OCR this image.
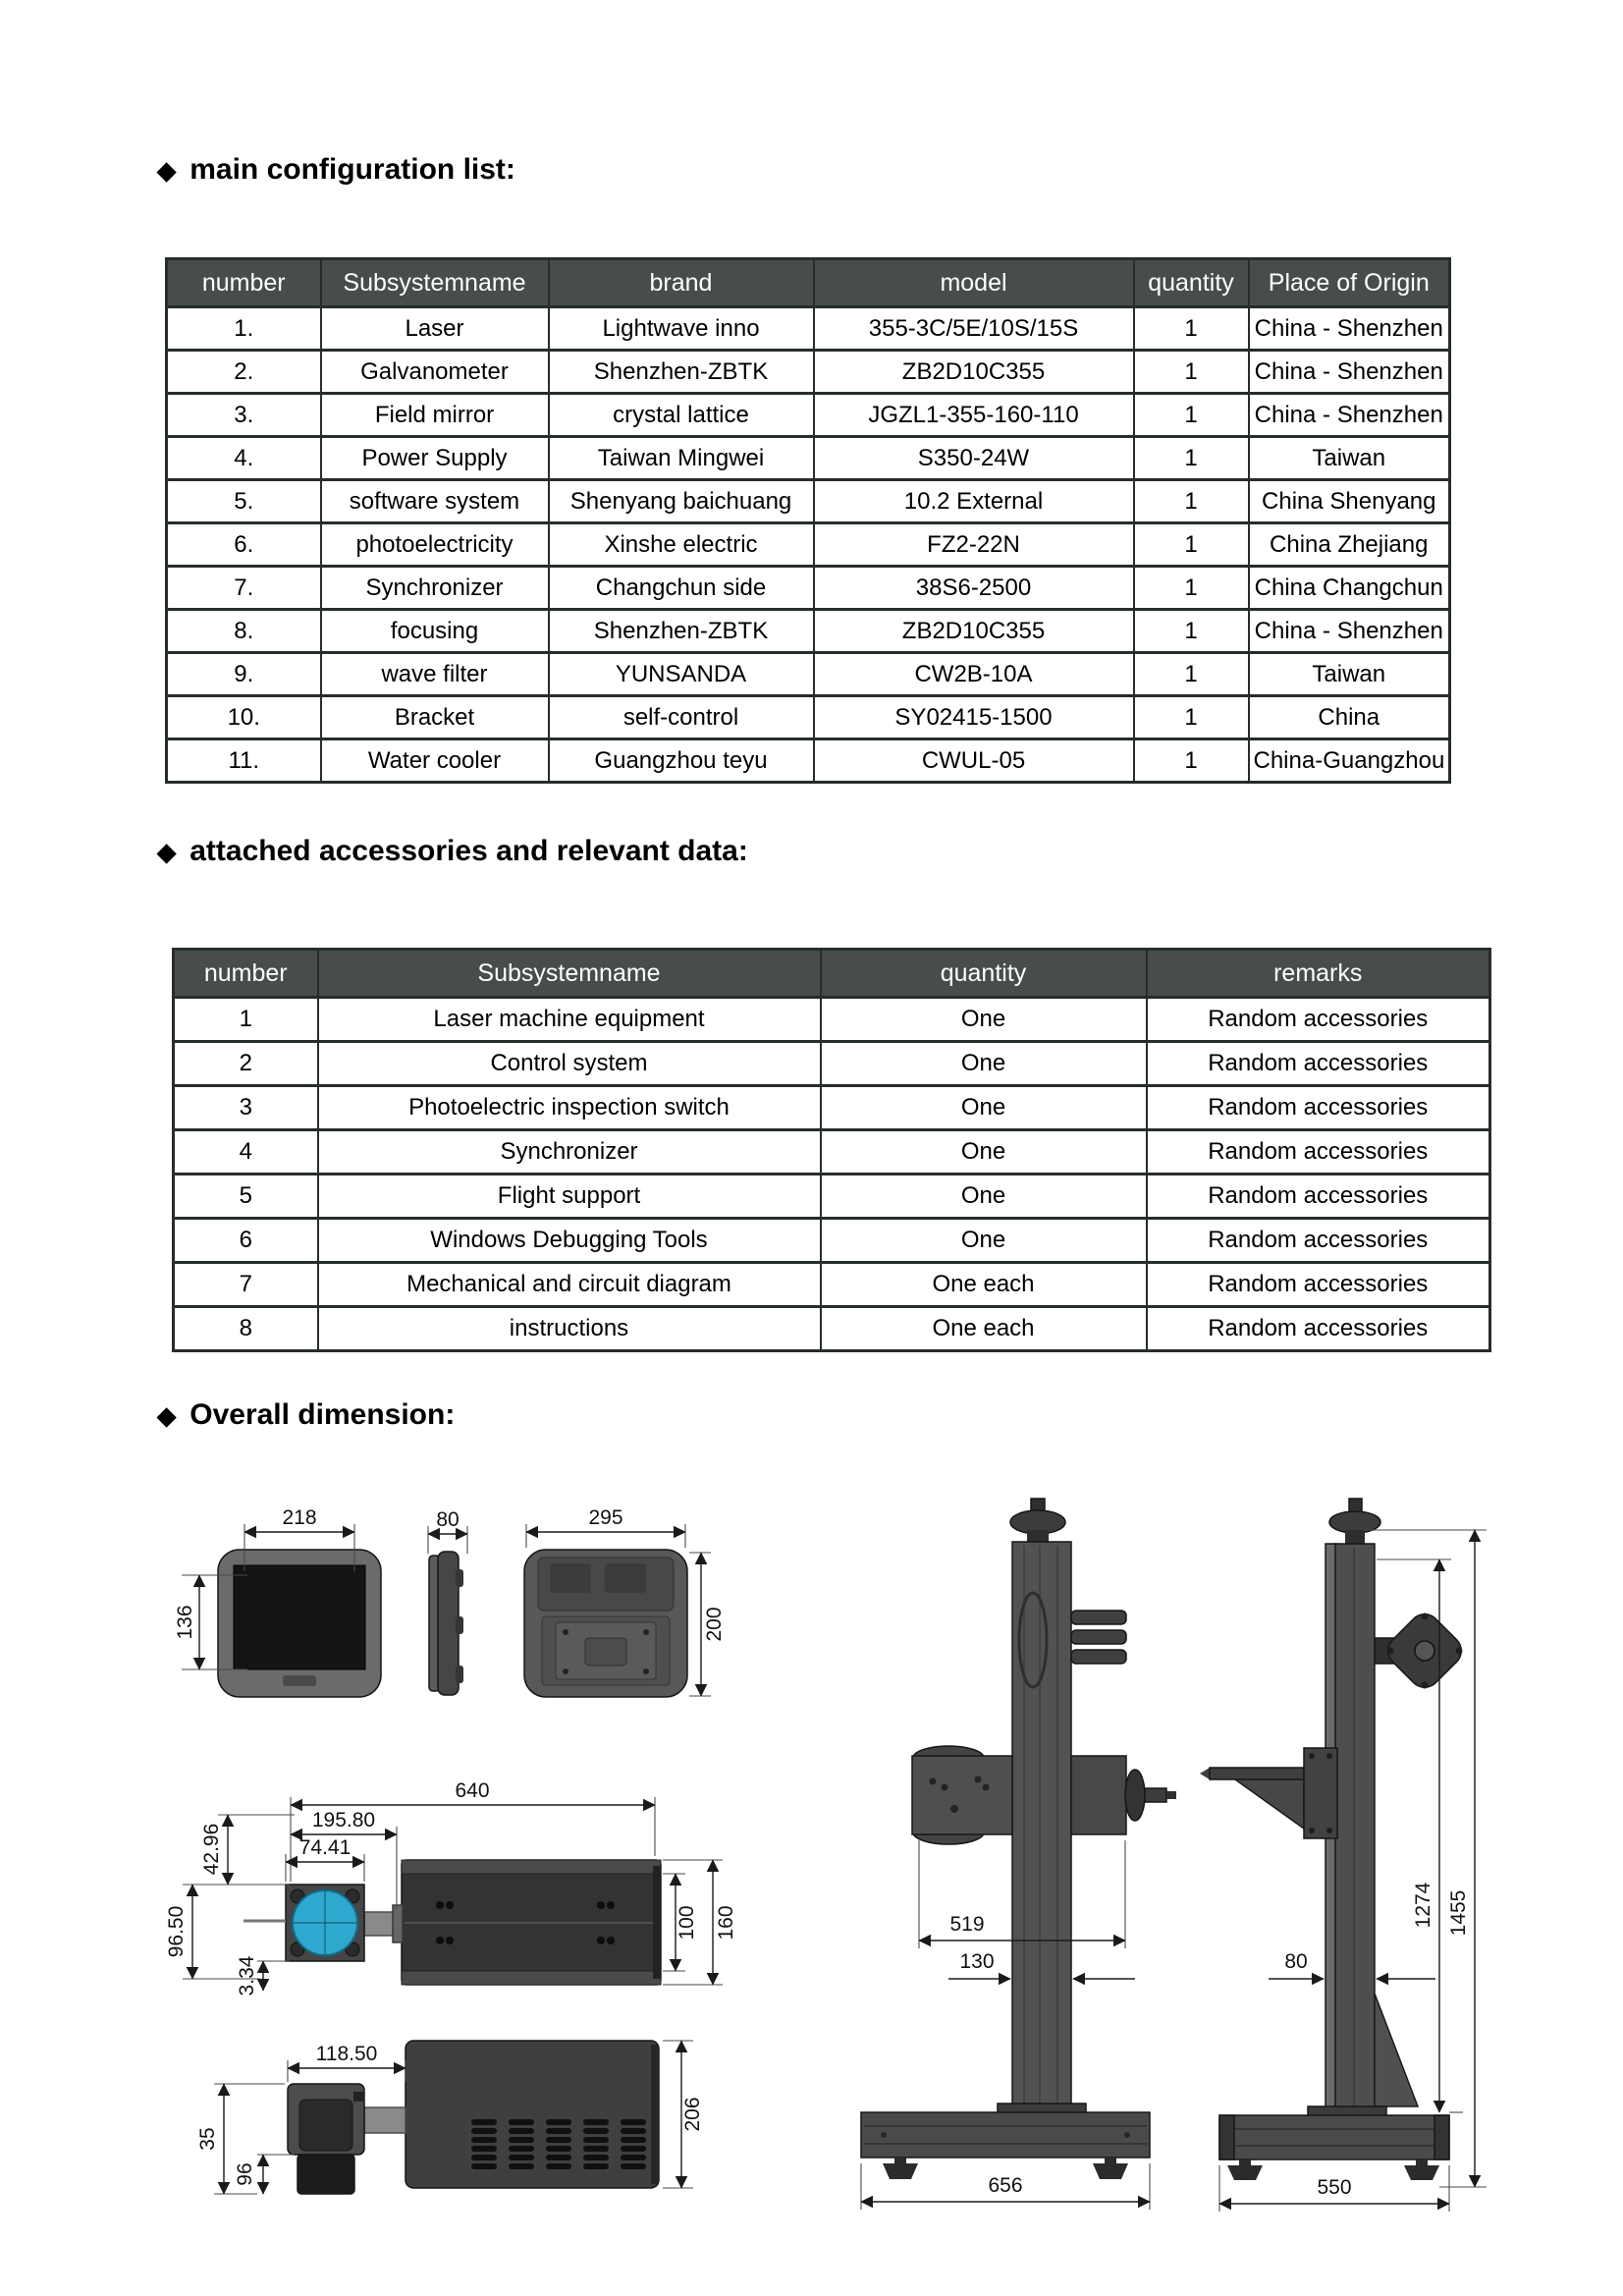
◆ main configuration list:
number	Subsystemname	brand	model	quantity	Place of Origin
1.	Laser	Lightwave inno	355-3C/5E/10S/15S	1	China - Shenzhen
2.	Galvanometer	Shenzhen-ZBTK	ZB2D10C355	1	China - Shenzhen
3.	Field mirror	crystal lattice	JGZL1-355-160-110	1	China - Shenzhen
4.	Power Supply	Taiwan Mingwei	S350-24W	1	Taiwan
5.	software system	Shenyang baichuang	10.2 External	1	China Shenyang
6.	photoelectricity	Xinshe electric	FZ2-22N	1	China Zhejiang
7.	Synchronizer	Changchun side	38S6-2500	1	China Changchun
8.	focusing	Shenzhen-ZBTK	ZB2D10C355	1	China - Shenzhen
9.	wave filter	YUNSANDA	CW2B-10A	1	Taiwan
10.	Bracket	self-control	SY02415-1500	1	China
11.	Water cooler	Guangzhou teyu	CWUL-05	1	China-Guangzhou
◆ attached accessories and relevant data:
number	Subsystemname	quantity	remarks
1	Laser machine equipment	One	Random accessories
2	Control system	One	Random accessories
3	Photoelectric inspection switch	One	Random accessories
4	Synchronizer	One	Random accessories
5	Flight support	One	Random accessories
6	Windows Debugging Tools	One	Random accessories
7	Mechanical and circuit diagram	One each	Random accessories
8	instructions	One each	Random accessories
◆ Overall dimension:
218
136
80	295
200
640
195.80
74.41
42.96
96.50
3.34
100 160
118.50
35
96
206
519
130
656
80
550
1274 1455
